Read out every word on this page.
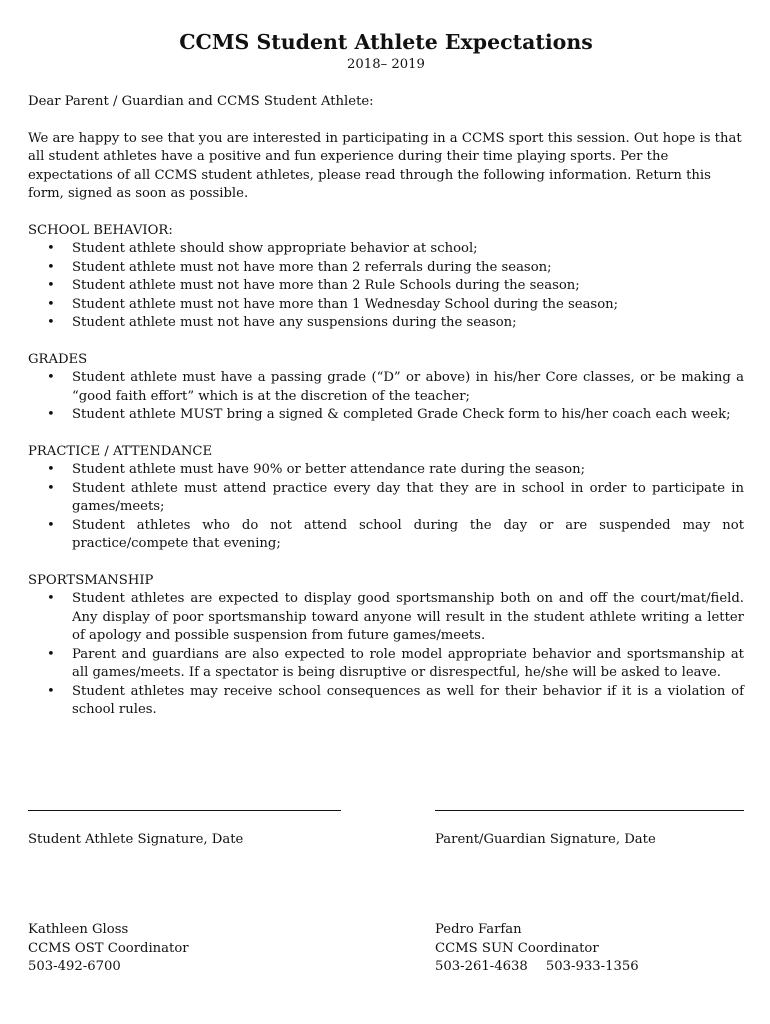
CCMS Student Athlete Expectations
2018– 2019
Dear Parent / Guardian and CCMS Student Athlete:
We are happy to see that you are interested in participating in a CCMS sport this session. Out hope is that all student athletes have a positive and fun experience during their time playing sports. Per the expectations of all CCMS student athletes, please read through the following information. Return this form, signed as soon as possible.
SCHOOL BEHAVIOR:
• Student athlete should show appropriate behavior at school;
• Student athlete must not have more than 2 referrals during the season;
• Student athlete must not have more than 2 Rule Schools during the season;
• Student athlete must not have more than 1 Wednesday School during the season;
• Student athlete must not have any suspensions during the season;
GRADES
• Student athlete must have a passing grade (“D” or above) in his/her Core classes, or be making a “good faith effort” which is at the discretion of the teacher;
• Student athlete MUST bring a signed & completed Grade Check form to his/her coach each week;
PRACTICE / ATTENDANCE
• Student athlete must have 90% or better attendance rate during the season;
• Student athlete must attend practice every day that they are in school in order to participate in games/meets;
• Student athletes who do not attend school during the day or are suspended may not practice/compete that evening;
SPORTSMANSHIP
• Student athletes are expected to display good sportsmanship both on and off the court/mat/field. Any display of poor sportsmanship toward anyone will result in the student athlete writing a letter of apology and possible suspension from future games/meets.
• Parent and guardians are also expected to role model appropriate behavior and sportsmanship at all games/meets. If a spectator is being disruptive or disrespectful, he/she will be asked to leave.
• Student athletes may receive school consequences as well for their behavior if it is a violation of school rules.
Student Athlete Signature, Date	Parent/Guardian Signature, Date
Kathleen Gloss
CCMS OST Coordinator
503-492-6700
Pedro Farfan
CCMS SUN Coordinator
503-261-4638 503-933-1356
